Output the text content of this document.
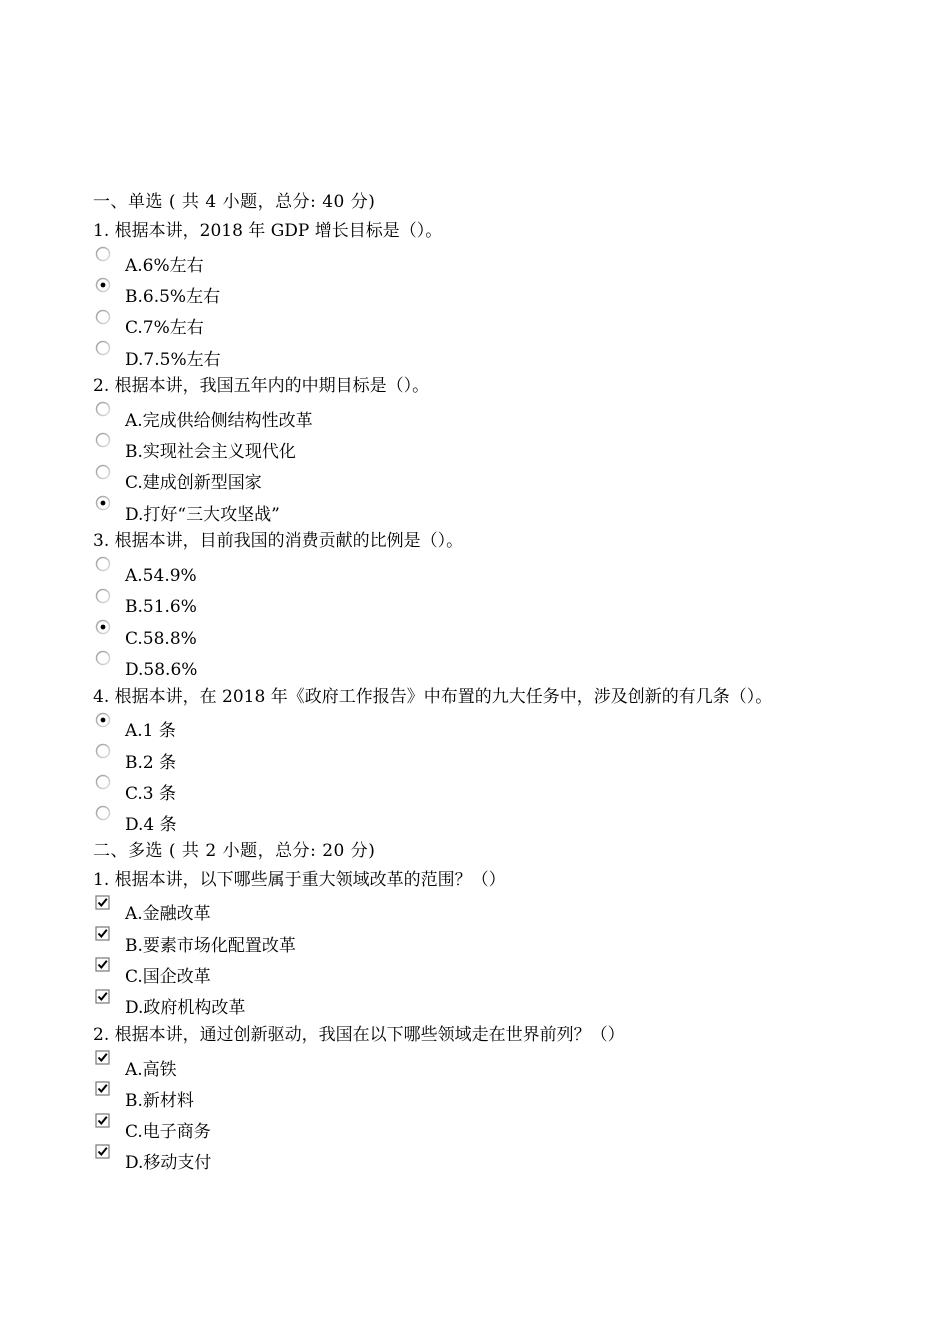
一、单选 ( 共 4 小题，总分: 40 分)
1. 根据本讲，2018 年 GDP 增长目标是（）。
A.6%左右
B.6.5%左右
C.7%左右
D.7.5%左右
2. 根据本讲，我国五年内的中期目标是（）。
A.完成供给侧结构性改革
B.实现社会主义现代化
C.建成创新型国家
D.打好“三大攻坚战”
3. 根据本讲，目前我国的消费贡献的比例是（）。
A.54.9%
B.51.6%
C.58.8%
D.58.6%
4. 根据本讲，在 2018 年《政府工作报告》中布置的九大任务中，涉及创新的有几条（）。
A.1 条
B.2 条
C.3 条
D.4 条
二、多选 ( 共 2 小题，总分: 20 分)
1. 根据本讲，以下哪些属于重大领域改革的范围？（）
A.金融改革
B.要素市场化配置改革
C.国企改革
D.政府机构改革
2. 根据本讲，通过创新驱动，我国在以下哪些领域走在世界前列？（）
A.高铁
B.新材料
C.电子商务
D.移动支付
